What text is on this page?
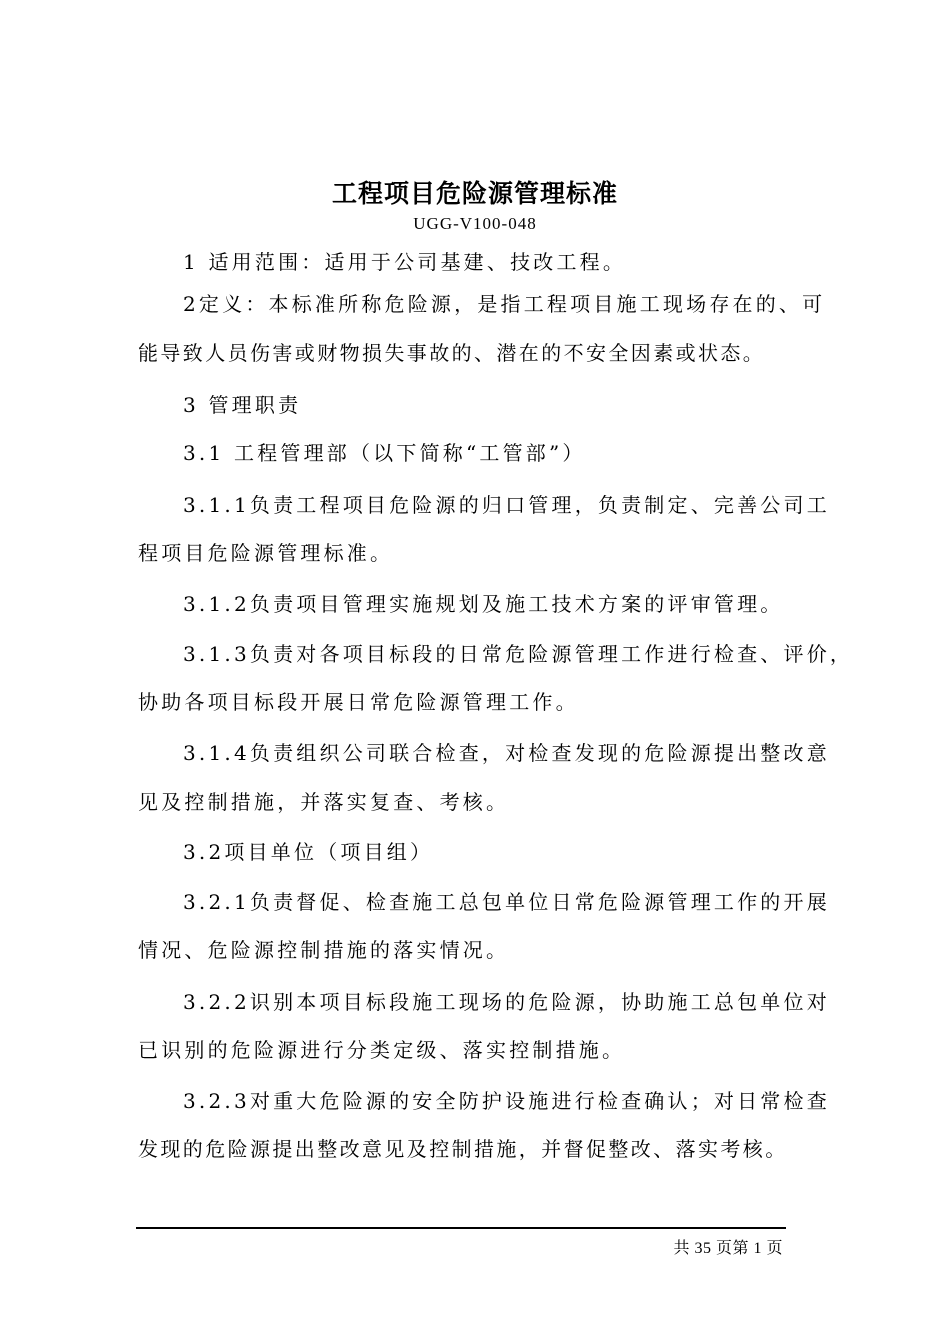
工程项目危险源管理标准
UGG-V100-048
1 适用范围：适用于公司基建、技改工程。
2定义：本标准所称危险源，是指工程项目施工现场存在的、可
能导致人员伤害或财物损失事故的、潜在的不安全因素或状态。
3 管理职责
3.1 工程管理部（以下简称“工管部”）
3.1.1负责工程项目危险源的归口管理，负责制定、完善公司工
程项目危险源管理标准。
3.1.2负责项目管理实施规划及施工技术方案的评审管理。
3.1.3负责对各项目标段的日常危险源管理工作进行检查、评价，
协助各项目标段开展日常危险源管理工作。
3.1.4负责组织公司联合检查，对检查发现的危险源提出整改意
见及控制措施，并落实复查、考核。
3.2项目单位（项目组）
3.2.1负责督促、检查施工总包单位日常危险源管理工作的开展
情况、危险源控制措施的落实情况。
3.2.2识别本项目标段施工现场的危险源，协助施工总包单位对
已识别的危险源进行分类定级、落实控制措施。
3.2.3对重大危险源的安全防护设施进行检查确认；对日常检查
发现的危险源提出整改意见及控制措施，并督促整改、落实考核。
共 35 页第 1 页
